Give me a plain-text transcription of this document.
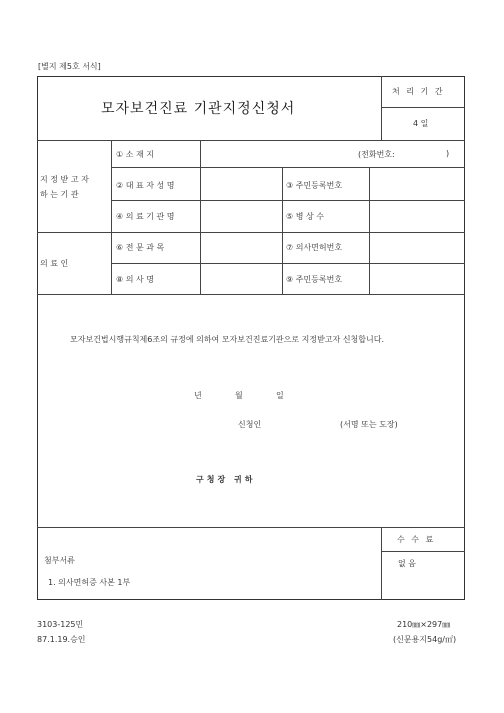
[별지 제5호 서식]
모자보건진료 기관지정신청서
처 리 기 간
4 일
지 정 받 고 자
하 는 기 관
① 소 재 지	(전화번호:	)
② 대 표 자 성 명	③ 주민등록번호
④ 의 료 기 관 명	⑤ 병 상 수
의 료 인
⑥ 전 문 과 목	⑦ 의사면허번호
⑧ 의 사 명	⑨ 주민등록번호
모자보건법시행규칙제6조의 규정에 의하여 모자보건진료기관으로 지정받고자 신청합니다.
년	월	일
신청인	(서명 또는 도장)
구청장 귀하
첨부서류
1. 의사면허증 사본 1부
수 수 료
없 음
3103-125민
87.1.19.승인
210㎜×297㎜
(신문용지54g/㎡)
